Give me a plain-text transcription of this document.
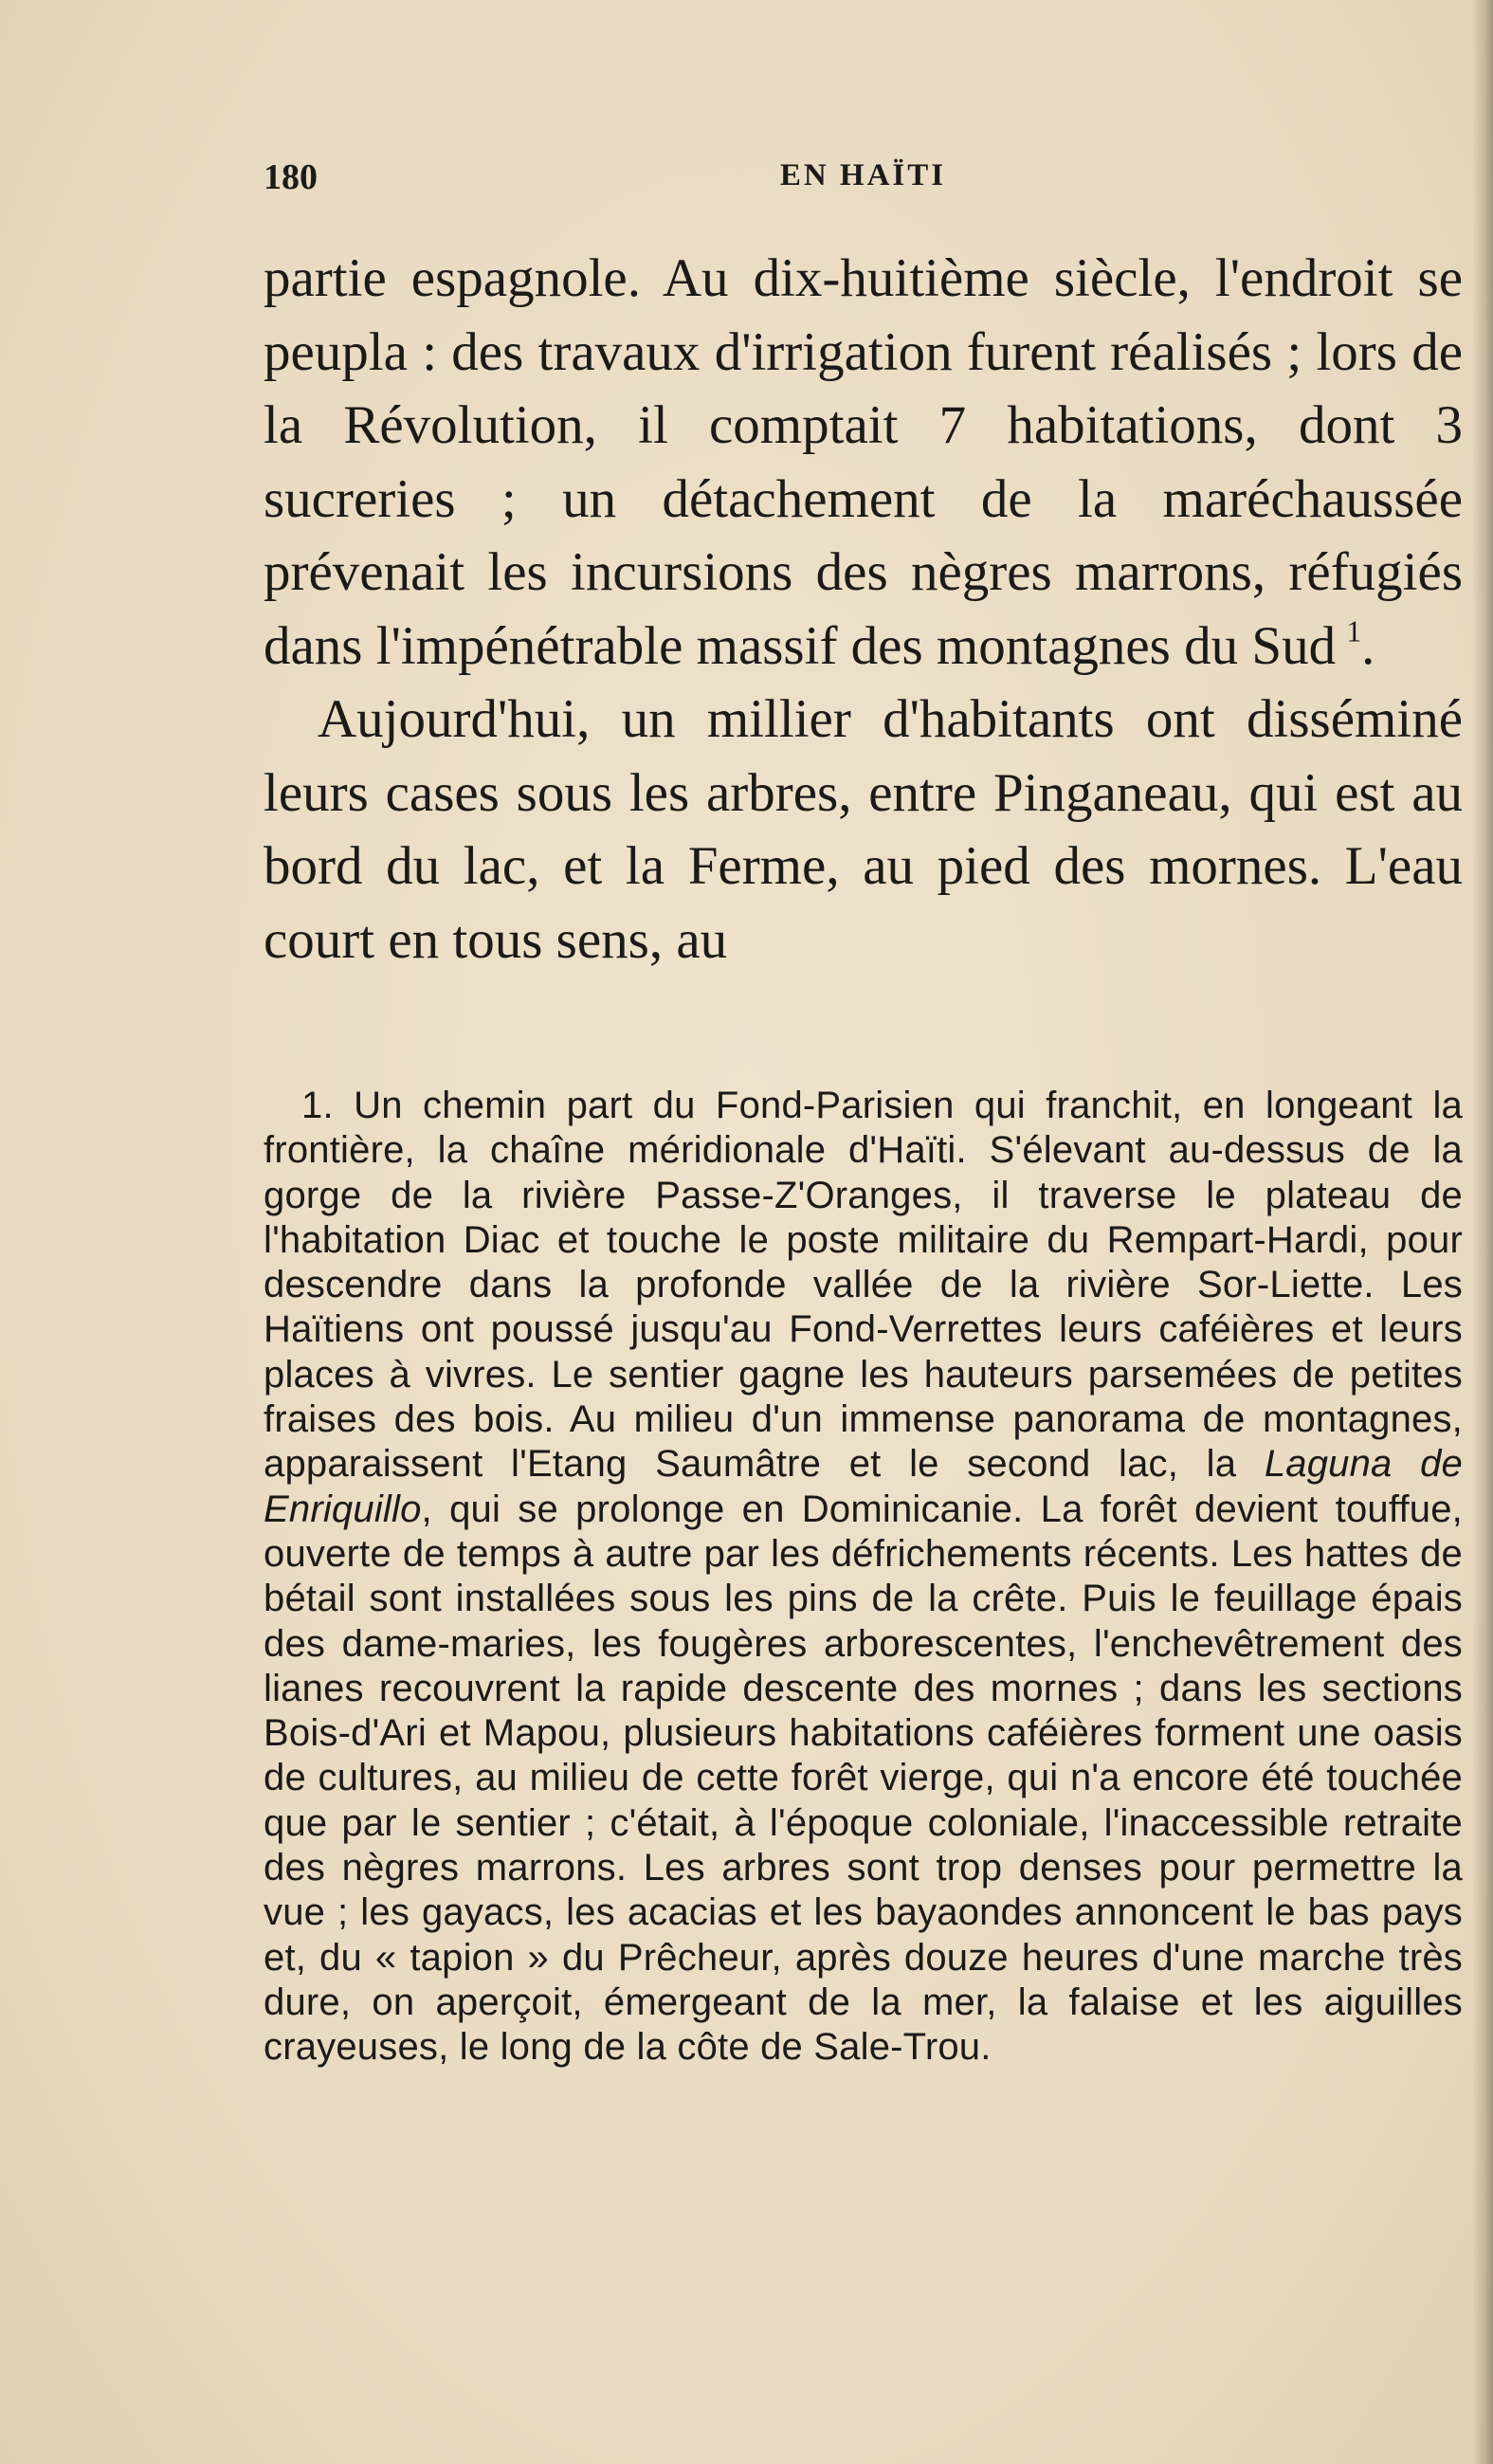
180	EN HAÏTI

partie espagnole. Au dix-huitième siècle, l'endroit se peupla : des travaux d'irrigation furent réalisés ; lors de la Révolution, il comptait 7 habitations, dont 3 sucreries ; un détachement de la maréchaussée prévenait les incursions des nègres marrons, réfugiés dans l'impénétrable massif des montagnes du Sud  $^1$.

Aujourd'hui, un millier d'habitants ont disséminé leurs cases sous les arbres, entre Pinganeau, qui est au bord du lac, et la Ferme, au pied des mornes. L'eau court en tous sens, au

1. Un chemin part du Fond-Parisien qui franchit, en longeant la frontière, la chaîne méridionale d'Haïti. S'élevant au-dessus de la gorge de la rivière Passe-Z'Oranges, il traverse le plateau de l'habitation Diac et touche le poste militaire du Rempart-Hardi, pour descendre dans la profonde vallée de la rivière Sor-Liette. Les Haïtiens ont poussé jusqu'au Fond-Verrettes leurs caféières et leurs places à vivres. Le sentier gagne les hauteurs parsemées de petites fraises des bois. Au milieu d'un immense panorama de montagnes, apparaissent l'Etang Saumâtre et le second lac, la Laguna de Enriquillo, qui se prolonge en Dominicanie. La forêt devient touffue, ouverte de temps à autre par les défrichements récents. Les hattes de bétail sont installées sous les pins de la crête. Puis le feuillage épais des dame-maries, les fougères arborescentes, l'enchevêtrement des lianes recouvrent la rapide descente des mornes ; dans les sections Bois-d'Ari et Mapou, plusieurs habitations caféières forment une oasis de cultures, au milieu de cette forêt vierge, qui n'a encore été touchée que par le sentier ; c'était, à l'époque coloniale, l'inaccessible retraite des nègres marrons. Les arbres sont trop denses pour permettre la vue ; les gayacs, les acacias et les bayaondes annoncent le bas pays et, du « tapion » du Prêcheur, après douze heures d'une marche très dure, on aperçoit, émergeant de la mer, la falaise et les aiguilles crayeuses, le long de la côte de Sale-Trou.
